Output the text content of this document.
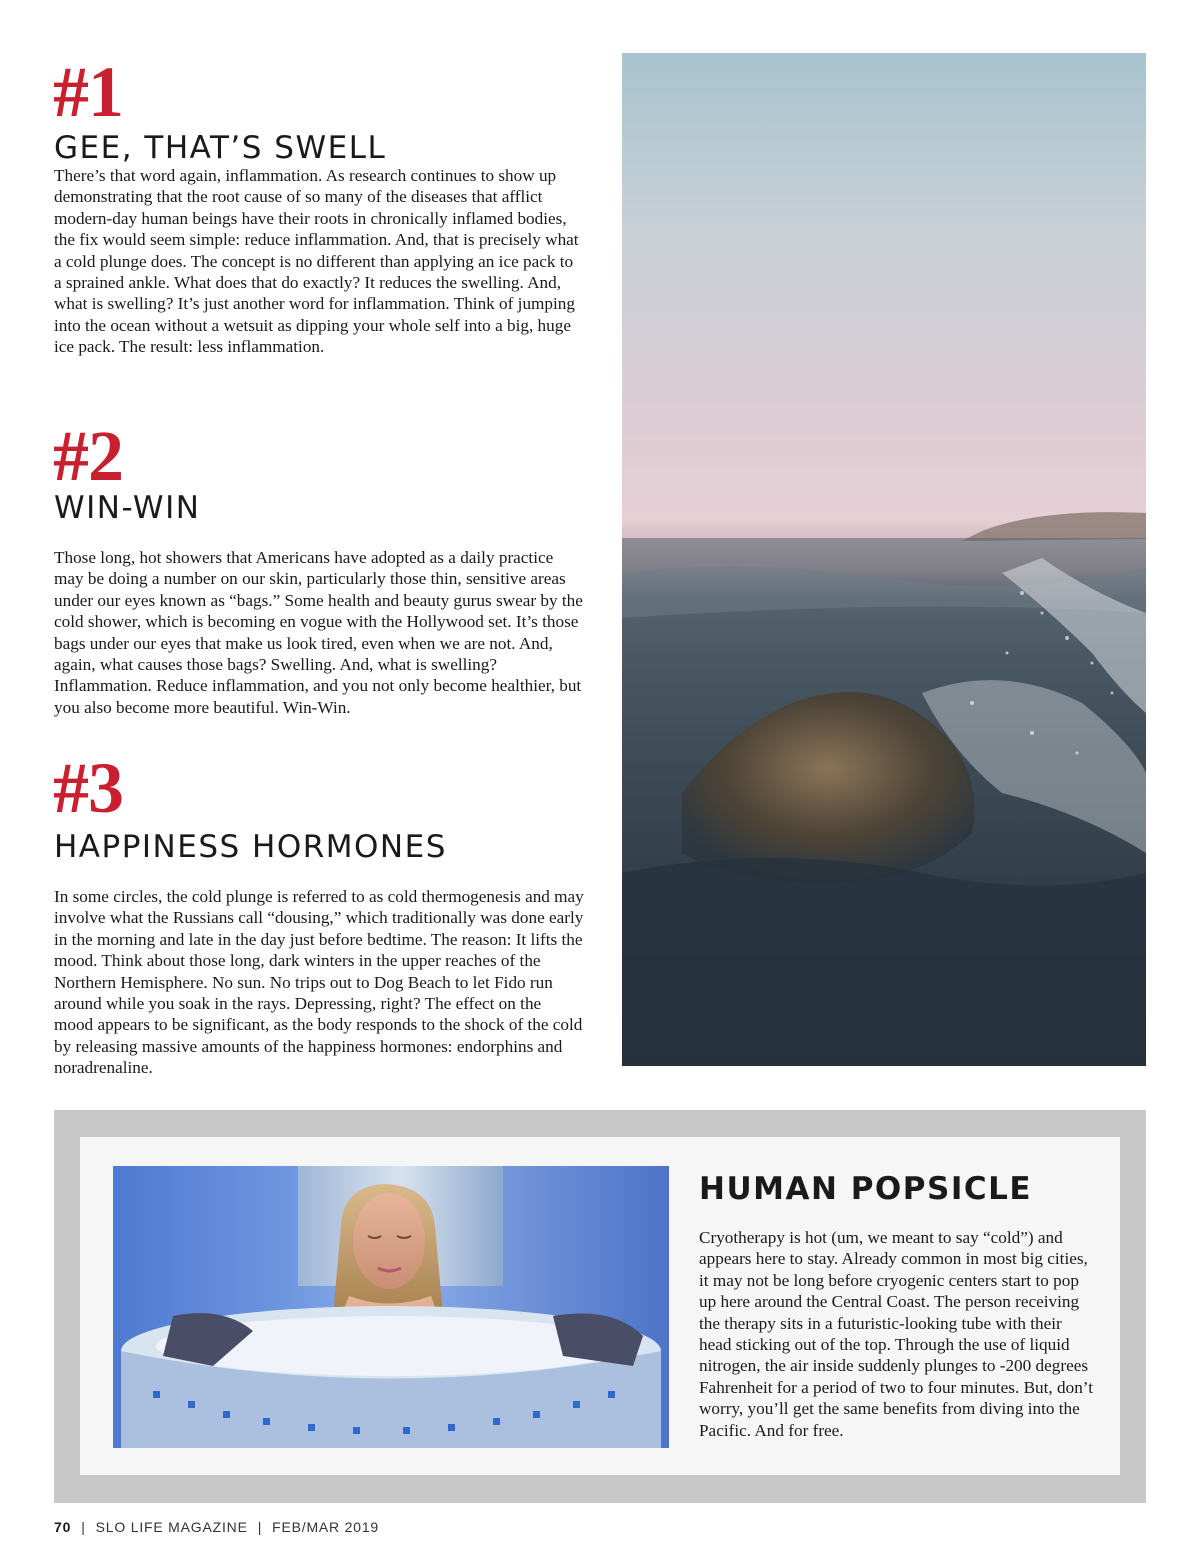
#1
GEE, THAT’S SWELL

There’s that word again, inflammation. As research continues to show up demonstrating that the root cause of so many of the diseases that afflict modern-day human beings have their roots in chronically inflamed bodies, the fix would seem simple: reduce inflammation. And, that is precisely what a cold plunge does. The concept is no different than applying an ice pack to a sprained ankle. What does that do exactly? It reduces the swelling. And, what is swelling? It’s just another word for inflammation. Think of jumping into the ocean without a wetsuit as dipping your whole self into a big, huge ice pack. The result: less inflammation.

#2
WIN-WIN

Those long, hot showers that Americans have adopted as a daily practice may be doing a number on our skin, particularly those thin, sensitive areas under our eyes known as “bags.” Some health and beauty gurus swear by the cold shower, which is becoming en vogue with the Hollywood set. It’s those bags under our eyes that make us look tired, even when we are not. And, again, what causes those bags? Swelling. And, what is swelling? Inflammation. Reduce inflammation, and you not only become healthier, but you also become more beautiful. Win-Win.

#3
HAPPINESS HORMONES

In some circles, the cold plunge is referred to as cold thermogenesis and may involve what the Russians call “dousing,” which traditionally was done early in the morning and late in the day just before bedtime. The reason: It lifts the mood. Think about those long, dark winters in the upper reaches of the Northern Hemisphere. No sun. No trips out to Dog Beach to let Fido run around while you soak in the rays. Depressing, right? The effect on the mood appears to be significant, as the body responds to the shock of the cold by releasing massive amounts of the happiness hormones: endorphins and noradrenaline.

HUMAN POPSICLE

Cryotherapy is hot (um, we meant to say “cold”) and appears here to stay. Already common in most big cities, it may not be long before cryogenic centers start to pop up here around the Central Coast. The person receiving the therapy sits in a futuristic-looking tube with their head sticking out of the top. Through the use of liquid nitrogen, the air inside suddenly plunges to -200 degrees Fahrenheit for a period of two to four minutes. But, don’t worry, you’ll get the same benefits from diving into the Pacific. And for free.

70 | SLO LIFE MAGAZINE | FEB/MAR 2019
